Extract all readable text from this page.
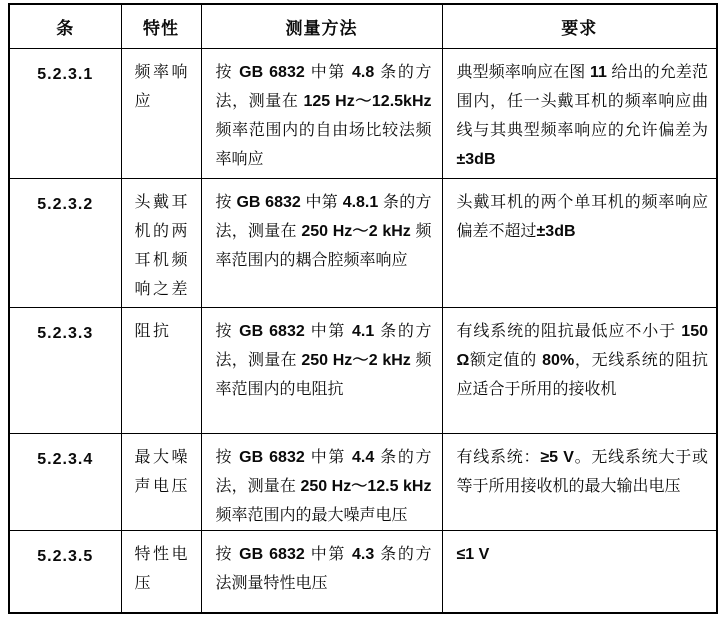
条	特性	测量方法	要求
5.2.3.1	频率响应	按 GB 6832 中第 4.8 条的方法，测量在 125 Hz～12.5kHz 频率范围内的自由场比较法频率响应	典型频率响应在图 11 给出的允差范围内，任一头戴耳机的频率响应曲线与其典型频率响应的允许偏差为±3dB
5.2.3.2	头戴耳机的两耳机频响之差	按 GB 6832 中第 4.8.1 条的方法，测量在 250 Hz～2 kHz 频率范围内的耦合腔频率响应	头戴耳机的两个单耳机的频率响应偏差不超过±3dB
5.2.3.3	阻抗	按 GB 6832 中第 4.1 条的方法，测量在 250 Hz～2 kHz 频率范围内的电阻抗	有线系统的阻抗最低应不小于 150 Ω额定值的 80%，无线系统的阻抗应适合于所用的接收机
5.2.3.4	最大噪声电压	按 GB 6832 中第 4.4 条的方法，测量在 250 Hz～12.5 kHz 频率范围内的最大噪声电压	有线系统：≥5 V。无线系统大于或等于所用接收机的最大输出电压
5.2.3.5	特性电压	按 GB 6832 中第 4.3 条的方法测量特性电压	≤1 V
